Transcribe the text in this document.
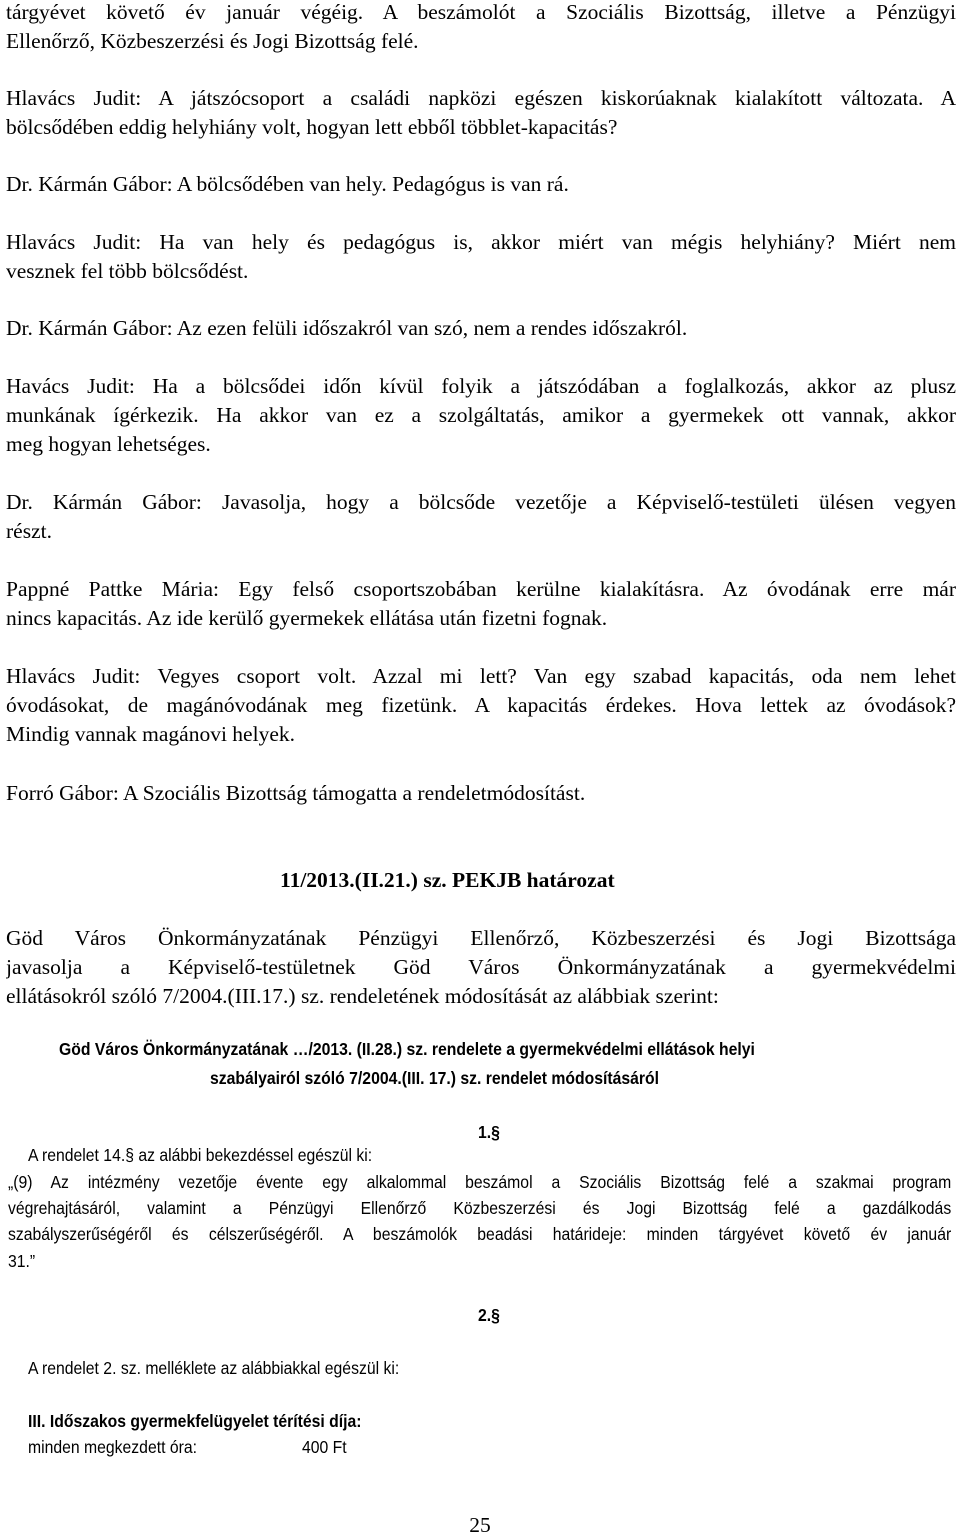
tárgyévet követő év január végéig. A beszámolót a Szociális Bizottság, illetve a Pénzügyi
Ellenőrző, Közbeszerzési és Jogi Bizottság felé.
Hlavács Judit: A játszócsoport a családi napközi egészen kiskorúaknak kialakított változata. A
bölcsődében eddig helyhiány volt, hogyan lett ebből többlet-kapacitás?
Dr. Kármán Gábor: A bölcsődében van hely. Pedagógus is van rá.
Hlavács Judit: Ha van hely és pedagógus is, akkor miért van mégis helyhiány? Miért nem
vesznek fel több bölcsődést.
Dr. Kármán Gábor: Az ezen felüli időszakról van szó, nem a rendes időszakról.
Havács Judit: Ha a bölcsődei időn kívül folyik a játszódában a foglalkozás, akkor az plusz
munkának ígérkezik. Ha akkor van ez a szolgáltatás, amikor a gyermekek ott vannak, akkor
meg hogyan lehetséges.
Dr. Kármán Gábor: Javasolja, hogy a bölcsőde vezetője a Képviselő-testületi ülésen vegyen
részt.
Pappné Pattke Mária: Egy felső csoportszobában kerülne kialakításra. Az óvodának erre már
nincs kapacitás. Az ide kerülő gyermekek ellátása után fizetni fognak.
Hlavács Judit: Vegyes csoport volt. Azzal mi lett? Van egy szabad kapacitás, oda nem lehet
óvodásokat, de magánóvodának meg fizetünk. A kapacitás érdekes. Hova lettek az óvodások?
Mindig vannak magánovi helyek.
Forró Gábor: A Szociális Bizottság támogatta a rendeletmódosítást.
11/2013.(II.21.) sz. PEKJB határozat
Göd Város Önkormányzatának Pénzügyi Ellenőrző, Közbeszerzési és Jogi Bizottsága
javasolja a Képviselő-testületnek Göd Város Önkormányzatának a gyermekvédelmi
ellátásokról szóló 7/2004.(III.17.) sz. rendeletének módosítását az alábbiak szerint:
Göd Város Önkormányzatának …/2013. (II.28.) sz. rendelete a gyermekvédelmi ellátások helyi
szabályairól szóló 7/2004.(III. 17.) sz. rendelet módosításáról
1.§
A rendelet 14.§ az alábbi bekezdéssel egészül ki:
„(9) Az intézmény vezetője évente egy alkalommal beszámol a Szociális Bizottság felé a szakmai program
végrehajtásáról, valamint a Pénzügyi Ellenőrző Közbeszerzési és Jogi Bizottság felé a gazdálkodás
szabályszerűségéről és célszerűségéről. A beszámolók beadási határideje: minden tárgyévet követő év január
31.”
2.§
A rendelet 2. sz. melléklete az alábbiakkal egészül ki:
III. Időszakos gyermekfelügyelet térítési díja:
minden megkezdett óra:	400 Ft
25
